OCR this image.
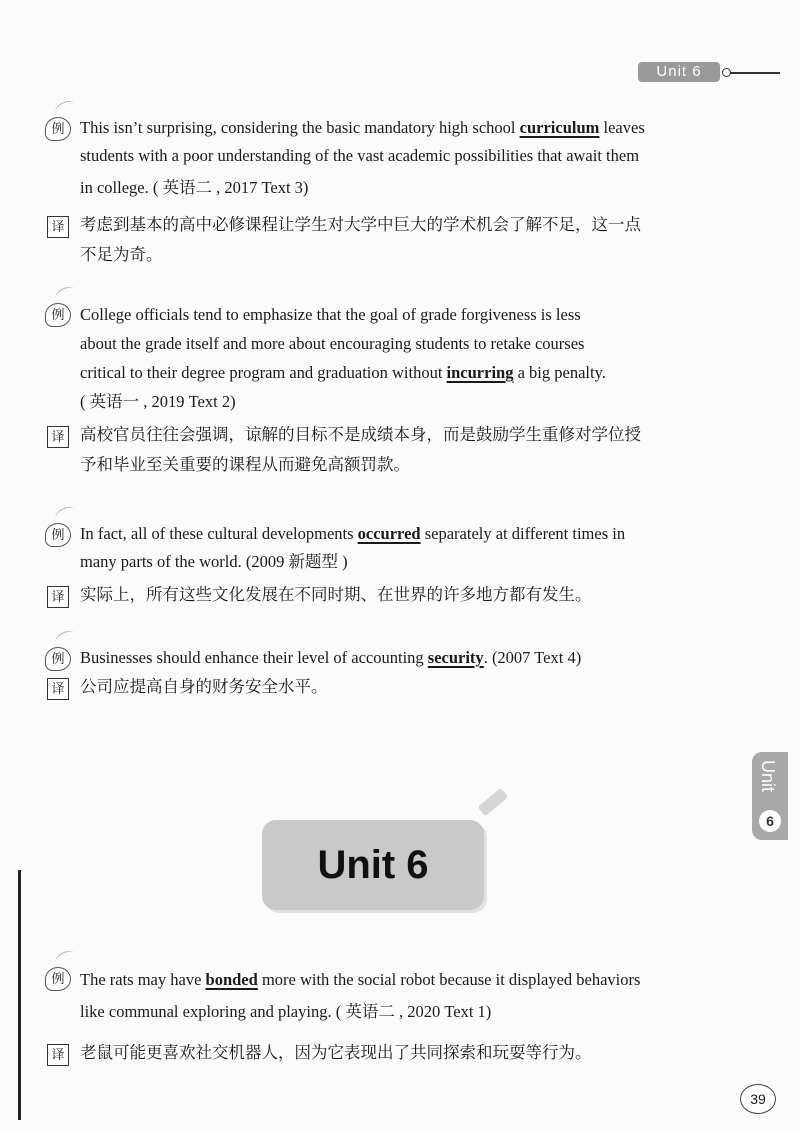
Unit 6
例 This isn’t surprising, considering the basic mandatory high school curriculum leaves
students with a poor understanding of the vast academic possibilities that await them
in college. ( 英语二 , 2017 Text 3)
译 考虑到基本的高中必修课程让学生对大学中巨大的学术机会了解不足，这一点
不足为奇。
例 College officials tend to emphasize that the goal of grade forgiveness is less
about the grade itself and more about encouraging students to retake courses
critical to their degree program and graduation without incurring a big penalty.
( 英语一 , 2019 Text 2)
译 高校官员往往会强调，谅解的目标不是成绩本身，而是鼓励学生重修对学位授
予和毕业至关重要的课程从而避免高额罚款。
例 In fact, all of these cultural developments occurred separately at different times in
many parts of the world. (2009 新题型 )
译 实际上，所有这些文化发展在不同时期、在世界的许多地方都有发生。
例 Businesses should enhance their level of accounting security. (2007 Text 4)
译 公司应提高自身的财务安全水平。
Unit
6
Unit 6
例 The rats may have bonded more with the social robot because it displayed behaviors
like communal exploring and playing. ( 英语二 , 2020 Text 1)
译 老鼠可能更喜欢社交机器人，因为它表现出了共同探索和玩耍等行为。
39
